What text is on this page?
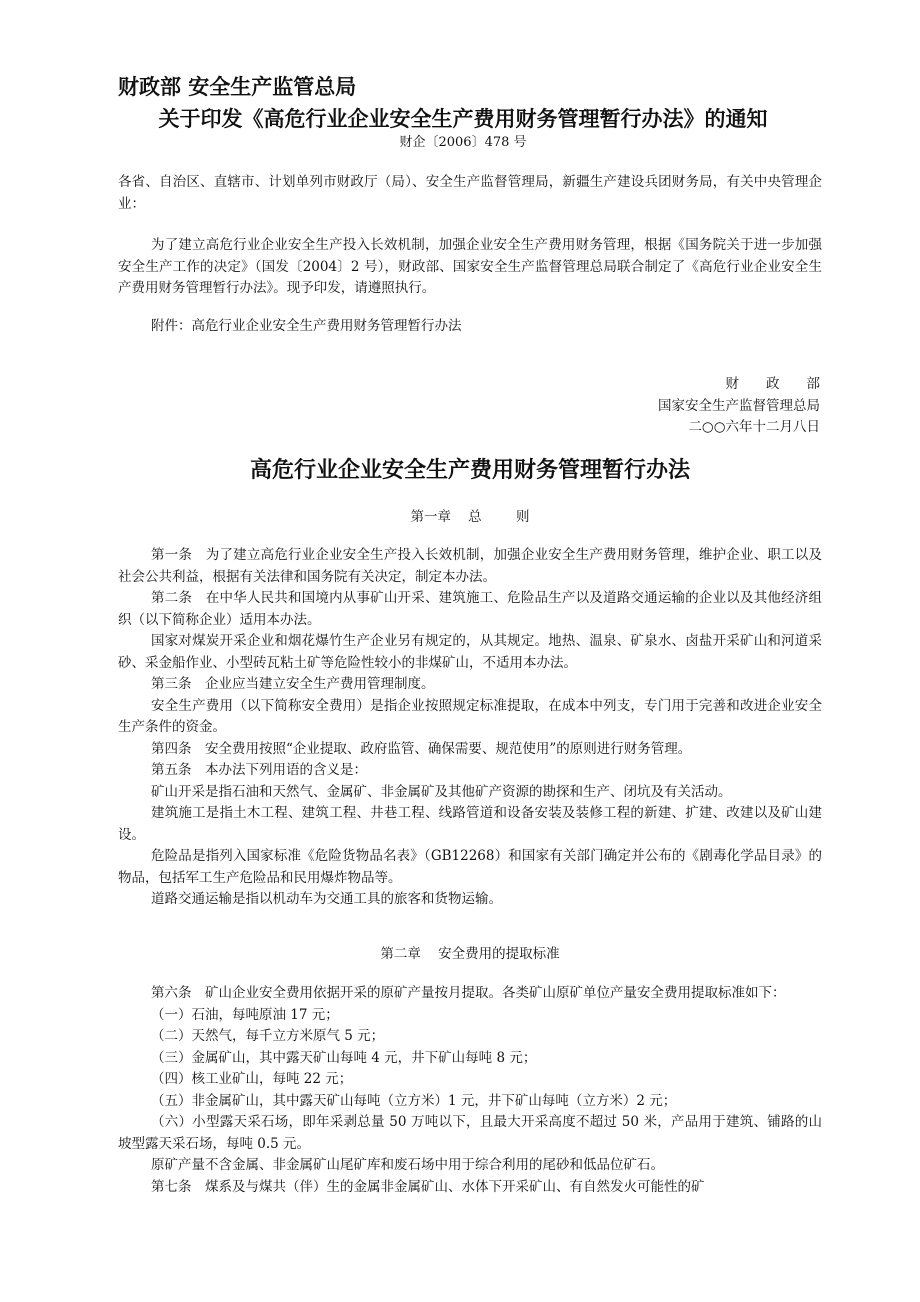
财政部 安全生产监管总局
关于印发《高危行业企业安全生产费用财务管理暂行办法》的通知
财企〔2006〕478 号

各省、自治区、直辖市、计划单列市财政厅（局）、安全生产监督管理局，新疆生产建设兵团财务局，有关中央管理企业：

为了建立高危行业企业安全生产投入长效机制，加强企业安全生产费用财务管理，根据《国务院关于进一步加强安全生产工作的决定》（国发〔2004〕2 号），财政部、国家安全生产监督管理总局联合制定了《高危行业企业安全生产费用财务管理暂行办法》。现予印发，请遵照执行。

附件：高危行业企业安全生产费用财务管理暂行办法

财　　政　　部
国家安全生产监督管理总局
二○○六年十二月八日
高危行业企业安全生产费用财务管理暂行办法
第一章    总        则

第一条　为了建立高危行业企业安全生产投入长效机制，加强企业安全生产费用财务管理，维护企业、职工以及社会公共利益，根据有关法律和国务院有关决定，制定本办法。

第二条　在中华人民共和国境内从事矿山开采、建筑施工、危险品生产以及道路交通运输的企业以及其他经济组织（以下简称企业）适用本办法。

国家对煤炭开采企业和烟花爆竹生产企业另有规定的，从其规定。地热、温泉、矿泉水、卤盐开采矿山和河道采砂、采金船作业、小型砖瓦粘土矿等危险性较小的非煤矿山，不适用本办法。

第三条　企业应当建立安全生产费用管理制度。

安全生产费用（以下简称安全费用）是指企业按照规定标准提取，在成本中列支，专门用于完善和改进企业安全生产条件的资金。

第四条　安全费用按照“企业提取、政府监管、确保需要、规范使用”的原则进行财务管理。

第五条　本办法下列用语的含义是：

矿山开采是指石油和天然气、金属矿、非金属矿及其他矿产资源的勘探和生产、闭坑及有关活动。

建筑施工是指土木工程、建筑工程、井巷工程、线路管道和设备安装及装修工程的新建、扩建、改建以及矿山建设。

危险品是指列入国家标准《危险货物品名表》（GB12268）和国家有关部门确定并公布的《剧毒化学品目录》的物品，包括军工生产危险品和民用爆炸物品等。

道路交通运输是指以机动车为交通工具的旅客和货物运输。

第二章    安全费用的提取标准

第六条　矿山企业安全费用依据开采的原矿产量按月提取。各类矿山原矿单位产量安全费用提取标准如下：

（一）石油，每吨原油 17 元；

（二）天然气，每千立方米原气 5 元；

（三）金属矿山，其中露天矿山每吨 4 元，井下矿山每吨 8 元；

（四）核工业矿山，每吨 22 元；

（五）非金属矿山，其中露天矿山每吨（立方米）1 元，井下矿山每吨（立方米）2 元；

（六）小型露天采石场，即年采剥总量 50 万吨以下，且最大开采高度不超过 50 米，产品用于建筑、铺路的山坡型露天采石场，每吨 0.5 元。

原矿产量不含金属、非金属矿山尾矿库和废石场中用于综合利用的尾砂和低品位矿石。

第七条　煤系及与煤共（伴）生的金属非金属矿山、水体下开采矿山、有自然发火可能性的矿
